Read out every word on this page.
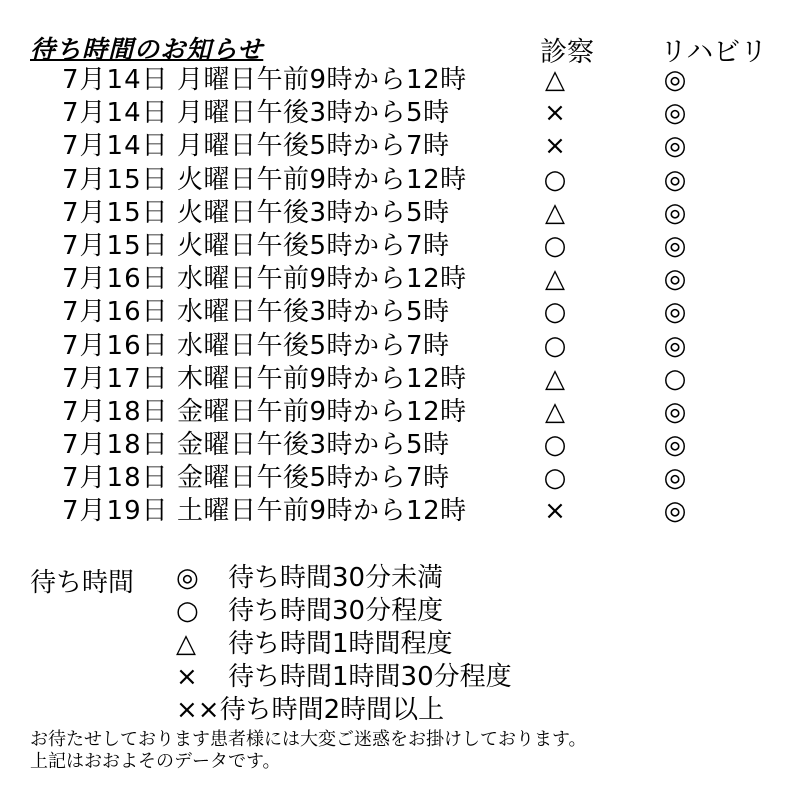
待ち時間のお知らせ	診察 リハビリ
7月14日 月曜日午前9時から12時	△	◎
7月14日 月曜日午後3時から5時	×	◎
7月14日 月曜日午後5時から7時	×	◎
7月15日 火曜日午前9時から12時	○	◎
7月15日 火曜日午後3時から5時	△	◎
7月15日 火曜日午後5時から7時	○	◎
7月16日 水曜日午前9時から12時	△	◎
7月16日 水曜日午後3時から5時	○	◎
7月16日 水曜日午後5時から7時	○	◎
7月17日 木曜日午前9時から12時	△	○
7月18日 金曜日午前9時から12時	△	◎
7月18日 金曜日午後3時から5時	○	◎
7月18日 金曜日午後5時から7時	○	◎
7月19日 土曜日午前9時から12時	×	◎
待ち時間 ◎ 待ち時間30分未満
○ 待ち時間30分程度
△ 待ち時間1時間程度
× 待ち時間1時間30分程度
××待ち時間2時間以上
お待たせしております患者様には大変ご迷惑をお掛けしております。
上記はおおよそのデータです。
